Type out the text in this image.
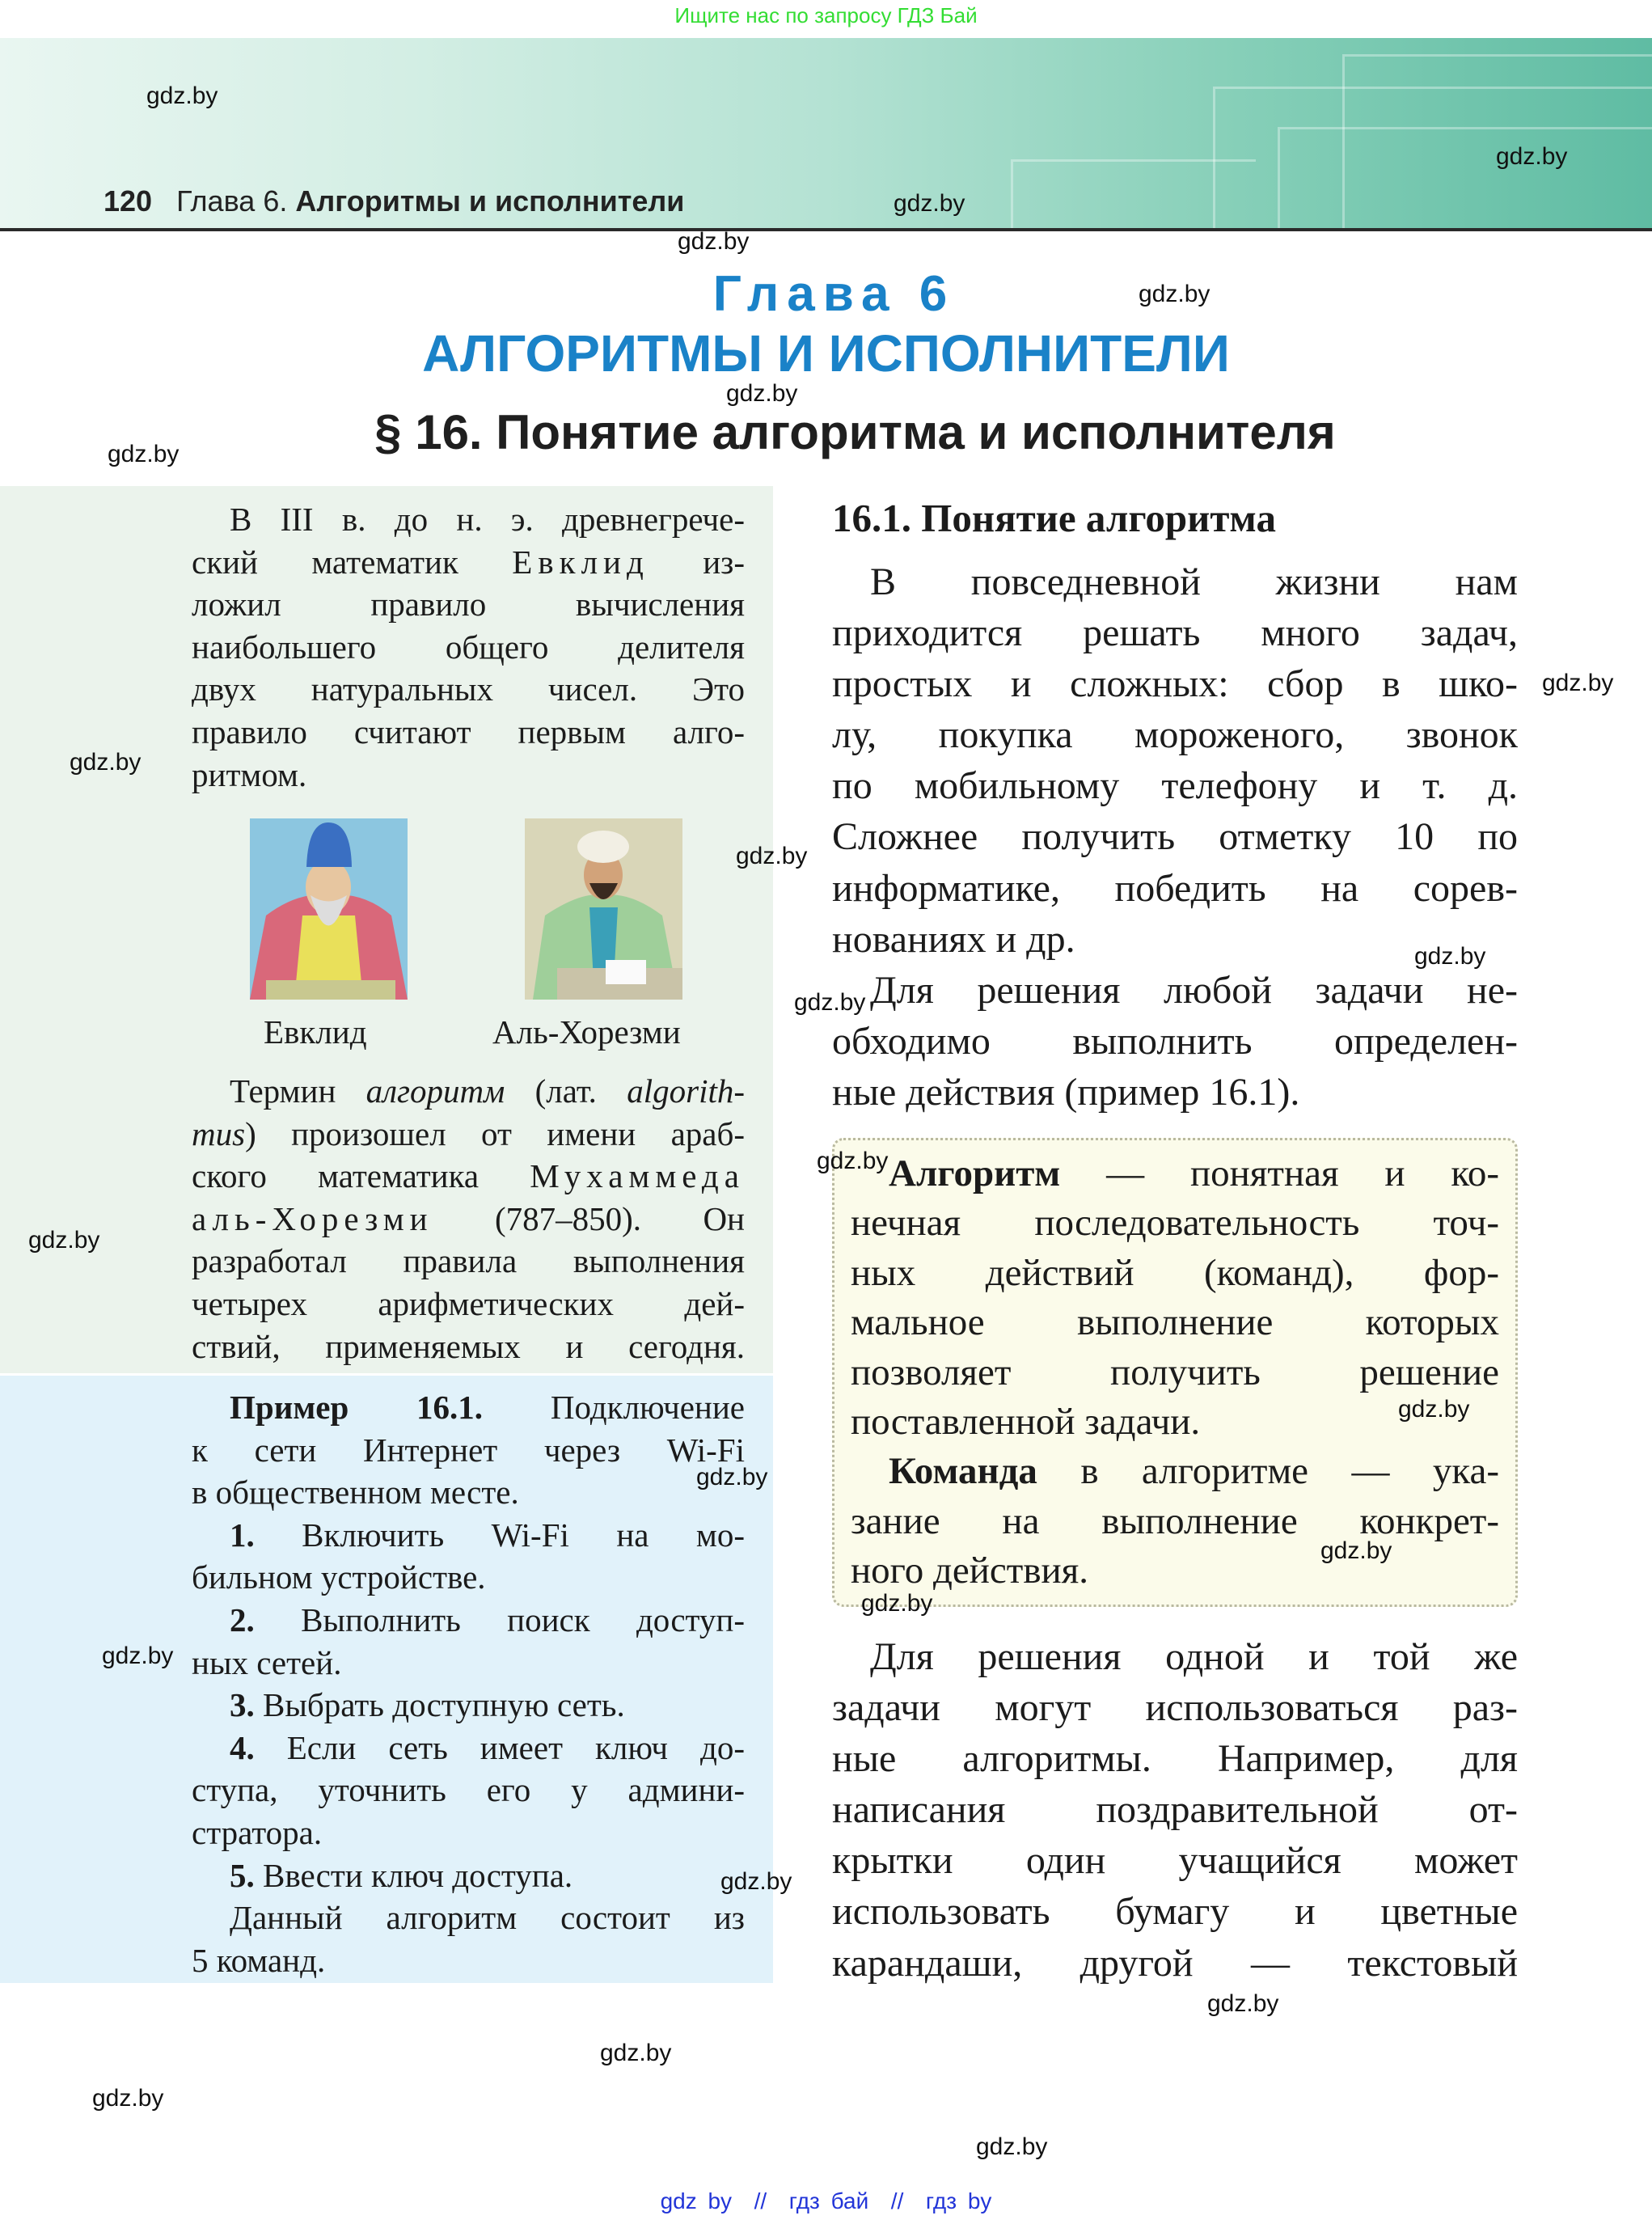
Ищите нас по запросу ГДЗ Бай
120 Глава 6. Алгоритмы и исполнители
Глава 6
АЛГОРИТМЫ И ИСПОЛНИТЕЛИ
§ 16. Понятие алгоритма и исполнителя
В III в. до н. э. древнегрече-
ский математик Евклид из-
ложил правило вычисления
наибольшего общего делителя
двух натуральных чисел. Это
правило считают первым алго-
ритмом.
Евклид	Аль-Хорезми
Термин алгоритм (лат. algorith-
mus) произошел от имени араб-
ского математика Мухаммеда
аль-Хорезми (787–850). Он
разработал правила выполнения
четырех арифметических дей-
ствий, применяемых и сегодня.
Пример 16.1. Подключение
к сети Интернет через Wi-Fi
в общественном месте.
1. Включить Wi-Fi на мо-
бильном устройстве.
2. Выполнить поиск доступ-
ных сетей.
3. Выбрать доступную сеть.
4. Если сеть имеет ключ до-
ступа, уточнить его у админи-
стратора.
5. Ввести ключ доступа.
Данный алгоритм состоит из
5 команд.
16.1. Понятие алгоритма
В повседневной жизни нам
приходится решать много задач,
простых и сложных: сбор в шко-
лу, покупка мороженого, звонок
по мобильному телефону и т. д.
Сложнее получить отметку 10 по
информатике, победить на сорев-
нованиях и др.
Для решения любой задачи не-
обходимо выполнить определен-
ные действия (пример 16.1).
Алгоритм — понятная и ко-
нечная последовательность точ-
ных действий (команд), фор-
мальное выполнение которых
позволяет получить решение
поставленной задачи.
Команда в алгоритме — ука-
зание на выполнение конкрет-
ного действия.
Для решения одной и той же
задачи могут использоваться раз-
ные алгоритмы. Например, для
написания поздравительной от-
крытки один учащийся может
использовать бумагу и цветные
карандаши, другой — текстовый
gdz.by
gdz.by
gdz.by
gdz.by
gdz.by
gdz.by
gdz.by
gdz.by
gdz.by
gdz.by
gdz.by
gdz.by
gdz.by
gdz.by
gdz.by
gdz.by
gdz.by
gdz.by
gdz.by
gdz.by
gdz.by
gdz.by
gdz.by
gdz.by
gdz by  //  гдз бай  //  гдз by
